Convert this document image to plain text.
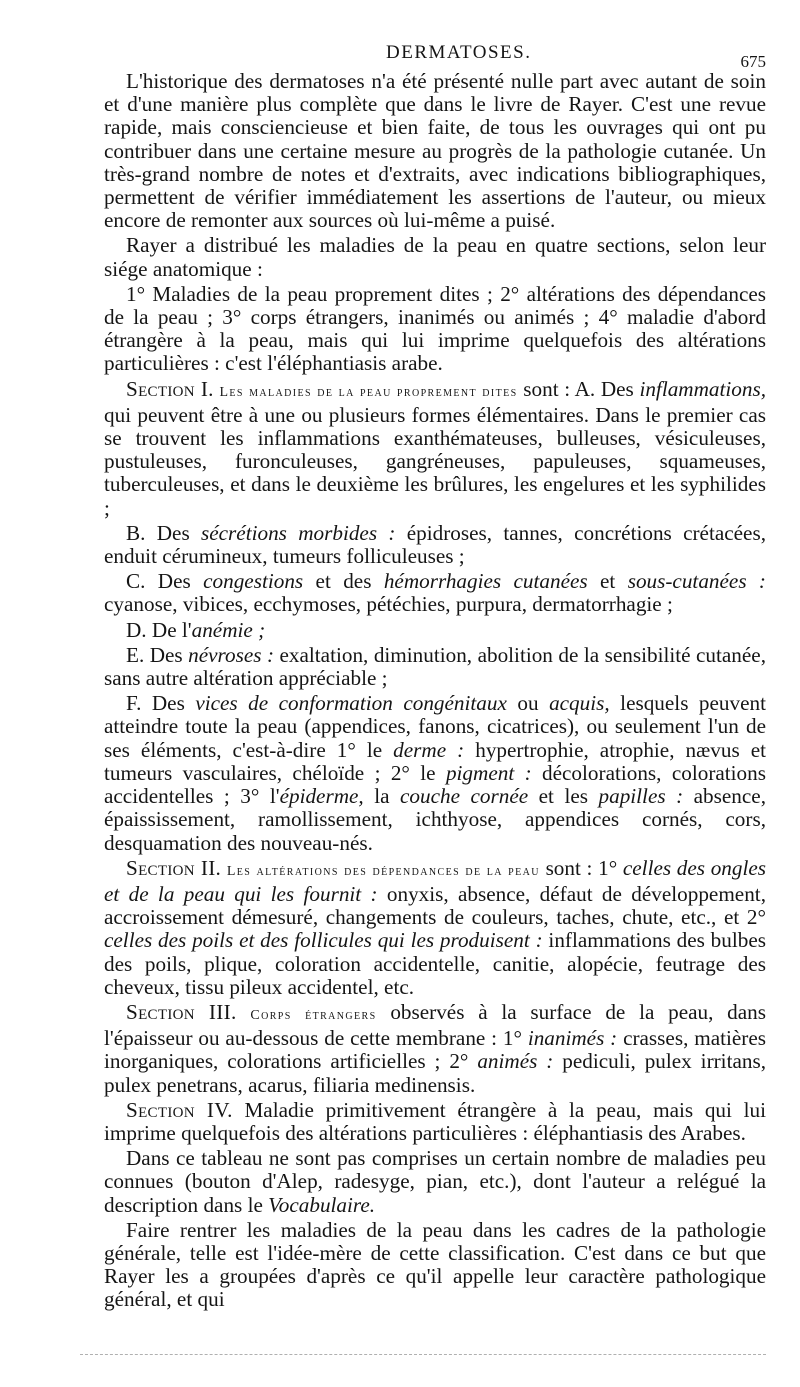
DERMATOSES.	675

L'historique des dermatoses n'a été présenté nulle part avec autant de soin et d'une manière plus complète que dans le livre de Rayer. C'est une revue rapide, mais consciencieuse et bien faite, de tous les ouvrages qui ont pu contribuer dans une certaine mesure au progrès de la pathologie cutanée. Un très-grand nombre de notes et d'extraits, avec indications bibliographiques, permettent de vérifier immédiatement les assertions de l'auteur, ou mieux encore de remonter aux sources où lui-même a puisé.

Rayer a distribué les maladies de la peau en quatre sections, selon leur siége anatomique :

1° Maladies de la peau proprement dites ; 2° altérations des dépendances de la peau ; 3° corps étrangers, inanimés ou animés ; 4° maladie d'abord étrangère à la peau, mais qui lui imprime quelquefois des altérations particulières : c'est l'éléphantiasis arabe.

Section I. Les maladies de la peau proprement dites sont : A. Des inflammations, qui peuvent être à une ou plusieurs formes élémentaires. Dans le premier cas se trouvent les inflammations exanthémateuses, bulleuses, vésiculeuses, pustuleuses, furonculeuses, gangréneuses, papuleuses, squameuses, tuberculeuses, et dans le deuxième les brûlures, les engelures et les syphilides ;

B. Des sécrétions morbides : épidroses, tannes, concrétions crétacées, enduit cérumineux, tumeurs folliculeuses ;

C. Des congestions et des hémorrhagies cutanées et sous-cutanées : cyanose, vibices, ecchymoses, pétéchies, purpura, dermatorrhagie ;

D. De l'anémie ;

E. Des névroses : exaltation, diminution, abolition de la sensibilité cutanée, sans autre altération appréciable ;

F. Des vices de conformation congénitaux ou acquis, lesquels peuvent atteindre toute la peau (appendices, fanons, cicatrices), ou seulement l'un de ses éléments, c'est-à-dire 1° le derme : hypertrophie, atrophie, nævus et tumeurs vasculaires, chéloïde ; 2° le pigment : décolorations, colorations accidentelles ; 3° l'épiderme, la couche cornée et les papilles : absence, épaississement, ramollissement, ichthyose, appendices cornés, cors, desquamation des nouveau-nés.

Section II. Les altérations des dépendances de la peau sont : 1° celles des ongles et de la peau qui les fournit : onyxis, absence, défaut de développement, accroissement démesuré, changements de couleurs, taches, chute, etc., et 2° celles des poils et des follicules qui les produisent : inflammations des bulbes des poils, plique, coloration accidentelle, canitie, alopécie, feutrage des cheveux, tissu pileux accidentel, etc.

Section III. Corps étrangers observés à la surface de la peau, dans l'épaisseur ou au-dessous de cette membrane : 1° inanimés : crasses, matières inorganiques, colorations artificielles ; 2° animés : pediculi, pulex irritans, pulex penetrans, acarus, filiaria medinensis.

Section IV. Maladie primitivement étrangère à la peau, mais qui lui imprime quelquefois des altérations particulières : éléphantiasis des Arabes.

Dans ce tableau ne sont pas comprises un certain nombre de maladies peu connues (bouton d'Alep, radesyge, pian, etc.), dont l'auteur a relégué la description dans le Vocabulaire.

Faire rentrer les maladies de la peau dans les cadres de la pathologie générale, telle est l'idée-mère de cette classification. C'est dans ce but que Rayer les a groupées d'après ce qu'il appelle leur caractère pathologique général, et qui
